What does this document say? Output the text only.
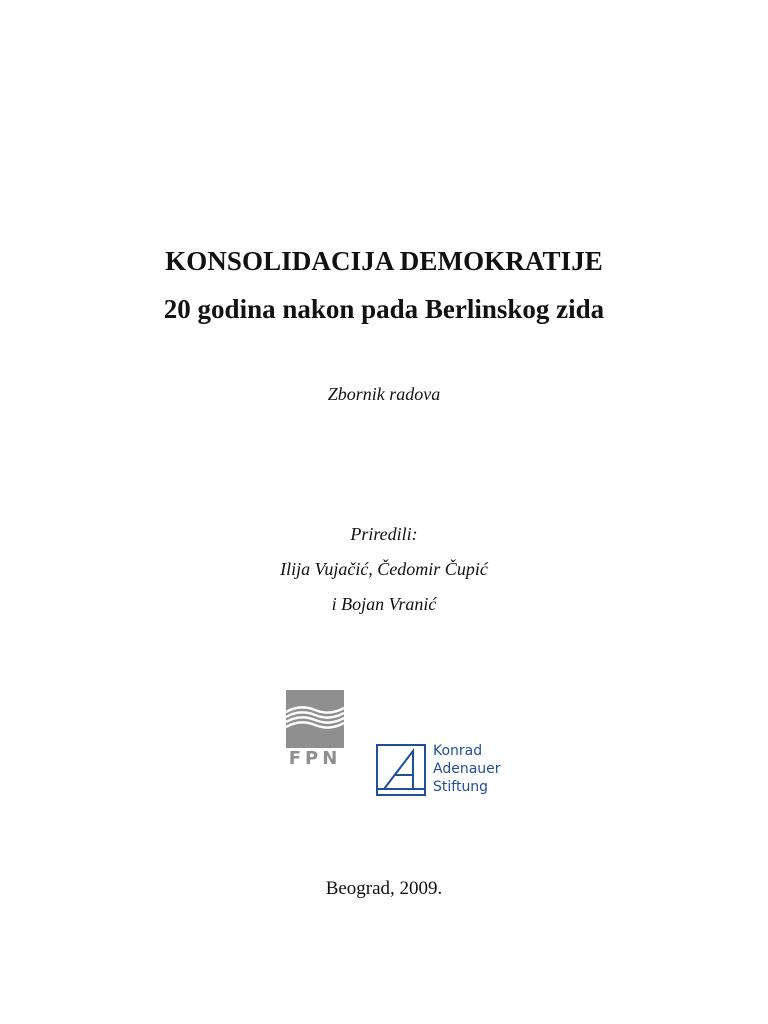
KONSOLIDACIJA DEMOKRATIJE
20 godina nakon pada Berlinskog zida
Zbornik radova
Priredili:
Ilija Vujačić, Čedomir Čupić
i Bojan Vranić
FPN	Konrad
Adenauer
Stiftung
Beograd, 2009.
